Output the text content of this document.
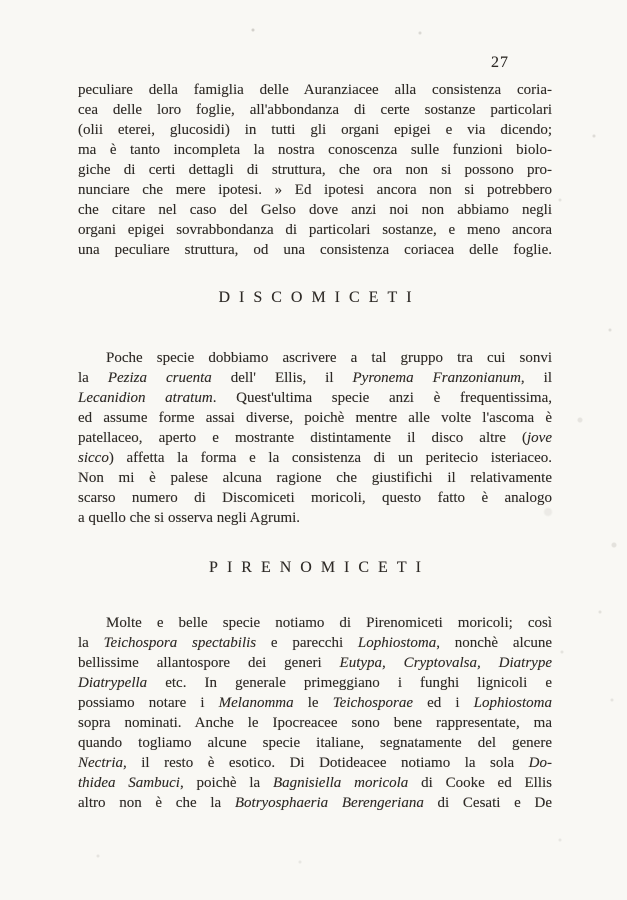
27
peculiare della famiglia delle Auranziacee alla consistenza coria-
cea delle loro foglie, all'abbondanza di certe sostanze particolari
(olii eterei, glucosidi) in tutti gli organi epigei e via dicendo;
ma è tanto incompleta la nostra conoscenza sulle funzioni biolo-
giche di certi dettagli di struttura, che ora non si possono pro-
nunciare che mere ipotesi. » Ed ipotesi ancora non si potrebbero
che citare nel caso del Gelso dove anzi noi non abbiamo negli
organi epigei sovrabbondanza di particolari sostanze, e meno ancora
una peculiare struttura, od una consistenza coriacea delle foglie.
DISCOMICETI
Poche specie dobbiamo ascrivere a tal gruppo tra cui sonvi
la Peziza cruenta dell' Ellis, il Pyronema Franzonianum, il
Lecanidion atratum. Quest'ultima specie anzi è frequentissima,
ed assume forme assai diverse, poichè mentre alle volte l'ascoma è
patellaceo, aperto e mostrante distintamente il disco altre (jove
sicco) affetta la forma e la consistenza di un peritecio isteriaceo.
Non mi è palese alcuna ragione che giustifichi il relativamente
scarso numero di Discomiceti moricoli, questo fatto è analogo
a quello che si osserva negli Agrumi.
PIRENOMICETI
Molte e belle specie notiamo di Pirenomiceti moricoli; così
la Teichospora spectabilis e parecchi Lophiostoma, nonchè alcune
bellissime allantospore dei generi Eutypa, Cryptovalsa, Diatrype
Diatrypella etc. In generale primeggiano i funghi lignicoli e
possiamo notare i Melanomma le Teichosporae ed i Lophiostoma
sopra nominati. Anche le Ipocreacee sono bene rappresentate, ma
quando togliamo alcune specie italiane, segnatamente del genere
Nectria, il resto è esotico. Di Dotideacee notiamo la sola Do-
thidea Sambuci, poichè la Bagnisiella moricola di Cooke ed Ellis
altro non è che la Botryosphaeria Berengeriana di Cesati e De
